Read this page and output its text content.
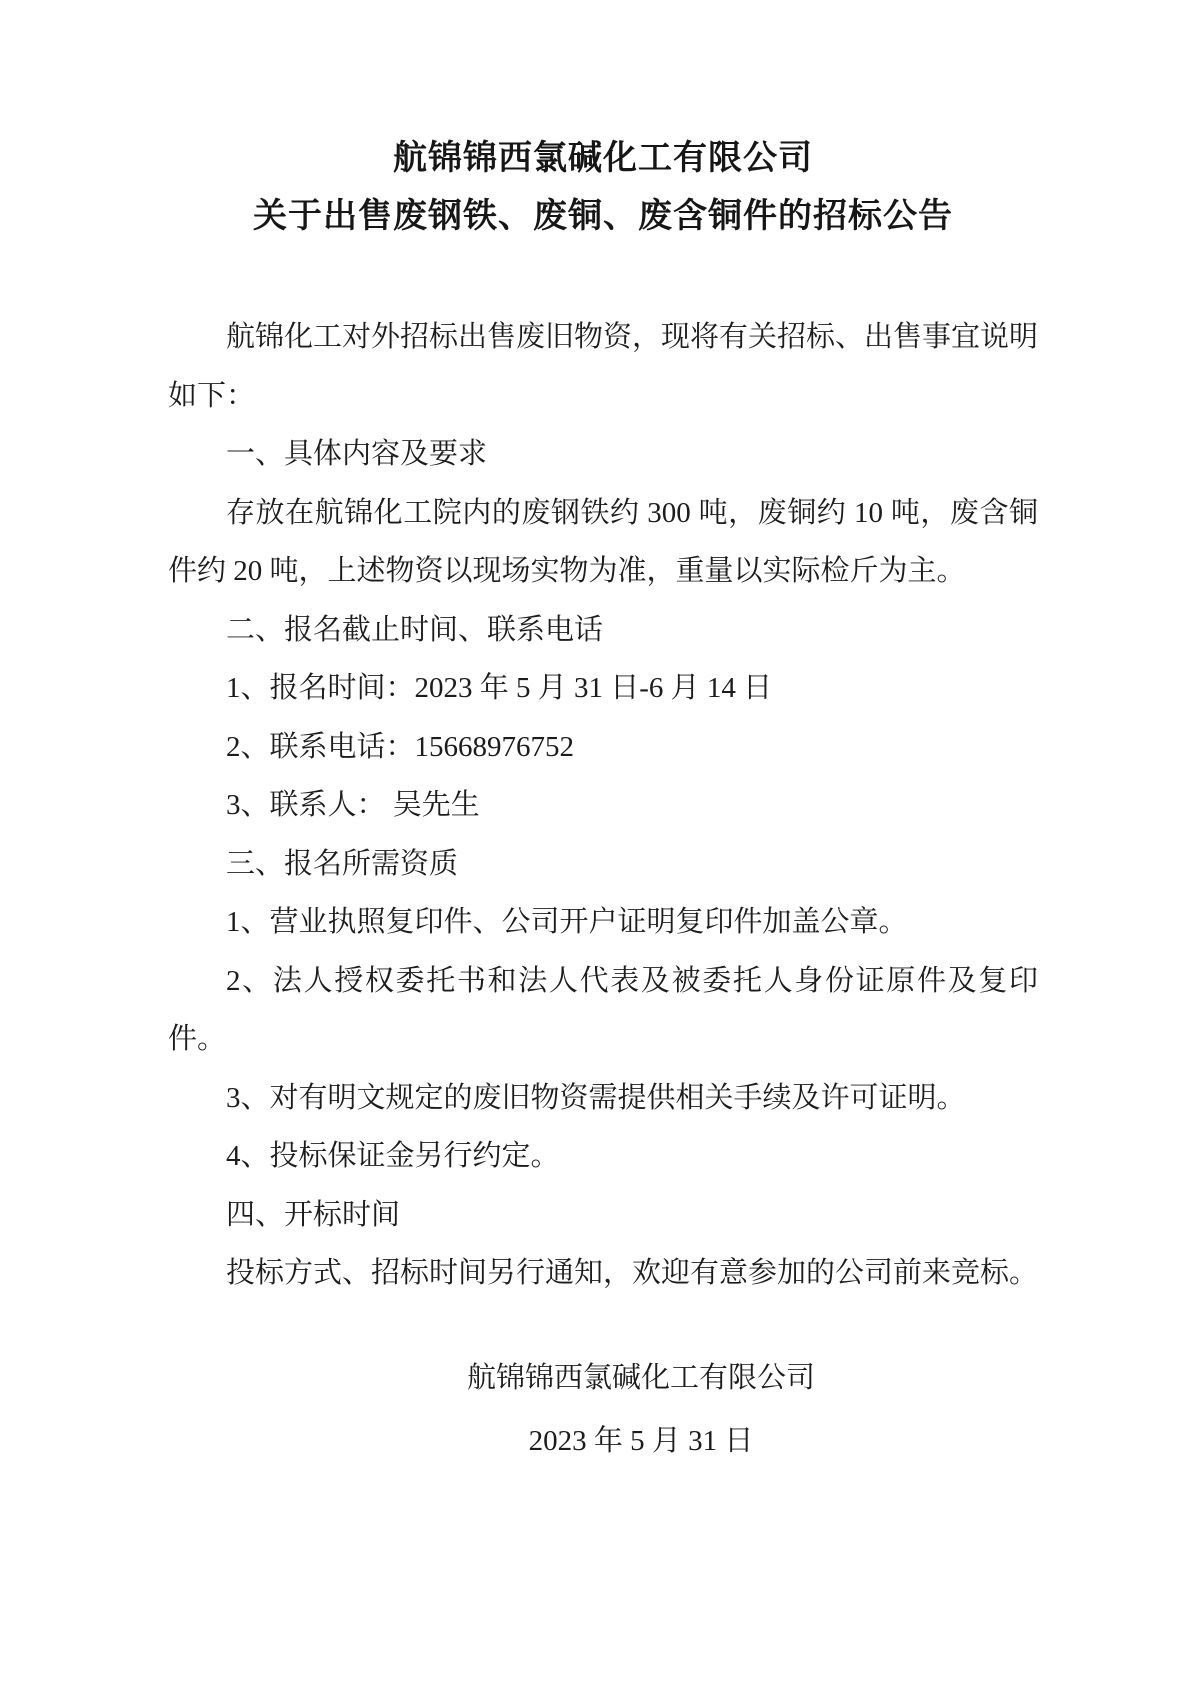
航锦锦西氯碱化工有限公司
关于出售废钢铁、废铜、废含铜件的招标公告

航锦化工对外招标出售废旧物资，现将有关招标、出售事宜说明如下：

一、具体内容及要求

存放在航锦化工院内的废钢铁约 300 吨，废铜约 10 吨，废含铜件约 20 吨，上述物资以现场实物为准，重量以实际检斤为主。

二、报名截止时间、联系电话

1、报名时间：2023 年 5 月 31 日-6 月 14 日

2、联系电话：15668976752

3、联系人： 吴先生

三、报名所需资质

1、营业执照复印件、公司开户证明复印件加盖公章。

2、法人授权委托书和法人代表及被委托人身份证原件及复印件。

3、对有明文规定的废旧物资需提供相关手续及许可证明。

4、投标保证金另行约定。

四、开标时间

投标方式、招标时间另行通知，欢迎有意参加的公司前来竞标。

航锦锦西氯碱化工有限公司

2023 年 5 月 31 日
